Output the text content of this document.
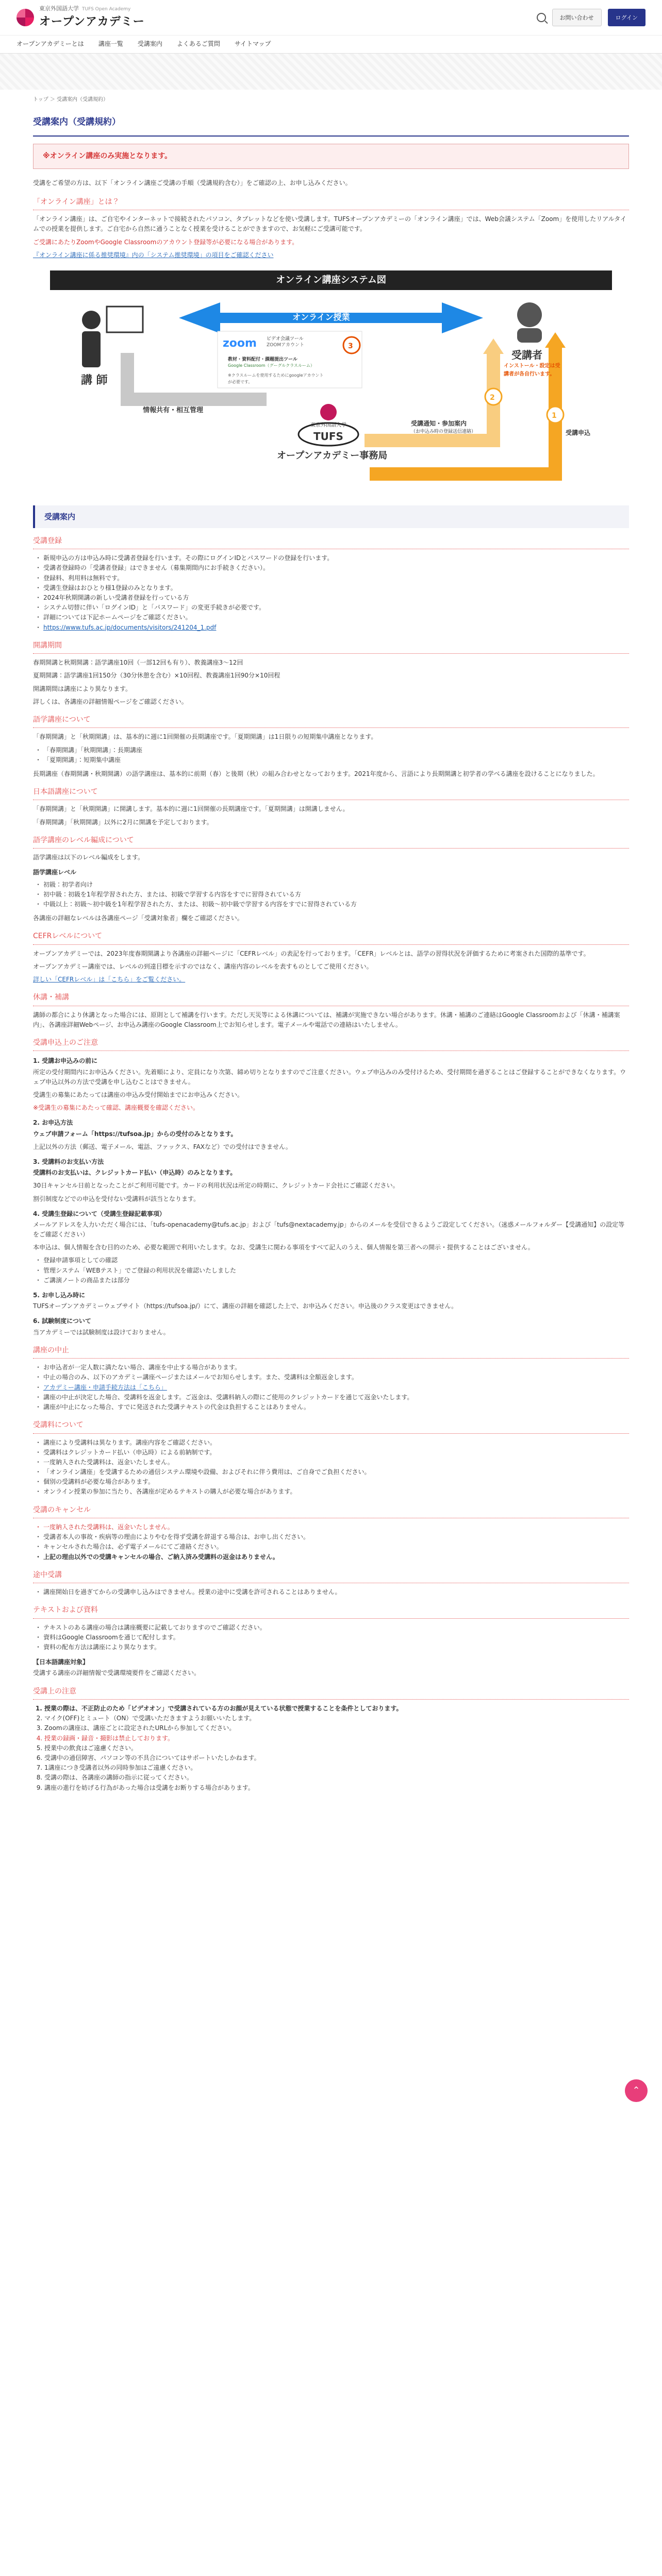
東京外国語大学 TUFS Open Academy
オープンアカデミー	お問い合わせ	ログイン
オープンアカデミーとは 講座一覧 受講案内 よくあるご質問 サイトマップ
トップ ＞ 受講案内（受講規約）
受講案内（受講規約）
※オンライン講座のみ実施となります。

受講をご希望の方は、以下「オンライン講座ご受講の手順（受講規約含む）」をご確認の上、お申し込みください。

「オンライン講座」とは？

「オンライン講座」は、ご自宅やインターネットで接続されたパソコン、タブレットなどを使い受講します。TUFSオープンアカデミーの「オンライン講座」では、Web会議システム「Zoom」を使用したリアルタイムでの授業を提供します。ご自宅から自然に通うことなく授業を受けることができますので、お気軽にご受講可能です。

ご受講にあたりZoomやGoogle Classroomのアカウント登録等が必要になる場合があります。

『オンライン講座に係る推奨環境』内の「システム推奨環境」の項目をご確認ください

オンライン講座システム図
講 師
受講者
オンライン授業
zoom ビデオ会議ツール
ZOOMアカウント
教材・資料配付・課題提出ツール
Google Classroom（グーグルクラスルーム）
※クラスルームを使用するためにgoogleアカウントが必要です。
3
2
1
インストール・設定は受講者が各自行います。
情報共有・相互管理
受講通知・参加案内
（お申込み時の登録送信連絡）	受講申込
東京外国語大学
TUFS
オープンアカデミー事務局
受講案内
受講登録
・ 新規申込の方は申込み時に受講者登録を行います。その際にログインIDとパスワードの登録を行います。
・ 受講者登録時の「受講者登録」はできません（募集期間内にお手続きください）。
・ 登録料、利用料は無料です。
・ 受講生登録はおひとり様1登録のみとなります。
・ 2024年秋期開講の新しい受講者登録を行っている方
・ システム切替に伴い「ログインID」と「パスワード」の変更手続きが必要です。
・ 詳細については下記ホームページをご確認ください。
・ https://www.tufs.ac.jp/documents/visitors/241204_1.pdf
開講期間

春期開講と秋期開講：語学講座10回（一部12回も有り）、教養講座3〜12回

夏期開講：語学講座1回150分（30分休憩を含む）×10回程、教養講座1回90分×10回程

開講期間は講座により異なります。

詳しくは、各講座の詳細情報ページをご確認ください。

語学講座について

「春期開講」と「秋期開講」は、基本的に週に1回開催の長期講座です。「夏期開講」は1日限りの短期集中講座となります。

・ 「春期開講」「秋期開講」：長期講座
・ 「夏期開講」：短期集中講座

長期講座（春期開講・秋期開講）の語学講座は、基本的に前期（春）と後期（秋）の組み合わせとなっております。2021年度から、言語により長期開講と初学者の学べる講座を設けることになりました。

日本語講座について

「春期開講」と「秋期開講」に開講します。基本的に週に1回開催の長期講座です。「夏期開講」は開講しません。

「春期開講」「秋期開講」以外に2月に開講を予定しております。

語学講座のレベル編成について

語学講座は以下のレベル編成をします。

語学講座レベル
・ 初級：初学者向け
・ 初中級：初級を1年程学習された方、または、初級で学習する内容をすでに習得されている方
・ 中級以上：初級〜初中級を1年程学習された方、または、初級〜初中級で学習する内容をすでに習得されている方

各講座の詳細なレベルは各講座ページ「受講対象者」欄をご確認ください。

CEFRレベルについて

オープンアカデミーでは、2023年度春期開講より各講座の詳細ページに「CEFRレベル」の表記を行っております。「CEFR」レベルとは、語学の習得状況を評価するために考案された国際的基準です。

オープンアカデミー講座では、レベルの到達目標を示すのではなく、講座内容のレベルを表すものとしてご使用ください。

詳しい「CEFRレベル」は「こちら」をご覧ください。

休講・補講

講師の都合により休講となった場合には、原則として補講を行います。ただし天災等による休講については、補講が実施できない場合があります。休講・補講のご連絡はGoogle Classroomおよび「休講・補講案内」、各講座詳細Webページ、お申込み講座のGoogle Classroom上でお知らせします。電子メールや電話での連絡はいたしません。

受講申込上のご注意
1. 受講お申込みの前に

所定の受付期間内にお申込みください。先着順により、定員になり次第、締め切りとなりますのでご注意ください。ウェブ申込みのみ受付けるため、受付期間を過ぎることはご登録することができなくなります。ウェブ申込以外の方法で受講を申し込むことはできません。

受講生の募集にあたっては講座の申込み受付開始までにお申込みください。

※受講生の募集にあたって確認、講座概要を確認ください。

2. お申込方法

ウェブ申請フォーム「https://tufsoa.jp」からの受付のみとなります。

上記以外の方法（郵送、電子メール、電話、ファックス、FAXなど）での受付はできません。

3. 受講料のお支払い方法

受講料のお支払いは、クレジットカード払い（申込時）のみとなります。

30日キャンセル日前となったことがご利用可能です。カードの利用状況は所定の時期に、クレジットカード会社にご確認ください。

割引制度などでの申込を受付ない受講料が該当となります。

4. 受講生登録について（受講生登録記載事項）

メールアドレスを入力いただく場合には、「tufs-openacademy@tufs.ac.jp」および「tufs@nextacademy.jp」からのメールを受信できるようご設定してください。（迷惑メールフォルダー【受講通知】の設定等をご確認ください）

本申込は、個人情報を含む目的のため、必要な範囲で利用いたします。なお、受講生に関わる事項をすべて記入のうえ、個人情報を第三者への開示・提供することはございません。

・ 登録申請事項としての確認
・ 管理システム「WEBテスト」でご登録の利用状況を確認いたしました
・ ご講演ノートの商品または部分
5. お申し込み時に

TUFSオープンアカデミーウェブサイト（https://tufsoa.jp/）にて、講座の詳細を確認した上で、お申込みください。申込後のクラス変更はできません。

6. 試験制度について

当アカデミーでは試験制度は設けておりません。

講座の中止
・ お申込者が一定人数に満たない場合、講座を中止する場合があります。
・ 中止の場合のみ、以下のアカデミー講座ページまたはメールでお知らせします。また、受講料は全額返金します。
・ アカデミー講座・申請手続方法は「こちら」
・ 講座の中止が決定した場合、受講料を返金します。ご返金は、受講料納入の際にご使用のクレジットカードを通じて返金いたします。
・ 講座が中止になった場合、すでに発送された受講テキストの代金は負担することはありません。
受講料について
・ 講座により受講料は異なります。講座内容をご確認ください。
・ 受講料はクレジットカード払い（申込時）による前納制です。
・ 一度納入された受講料は、返金いたしません。
・ 「オンライン講座」を受講するための通信システム環境や設備、およびそれに伴う費用は、ご自身でご負担ください。
・ 個別の受講料が必要な場合があります。
・ オンライン授業の参加に当たり、各講座が定めるテキストの購入が必要な場合があります。
受講のキャンセル
・ 一度納入された受講料は、返金いたしません。
・ 受講者本人の事故・疾病等の理由によりやむを得ず受講を辞退する場合は、お申し出ください。
・ キャンセルされた場合は、必ず電子メールにてご連絡ください。
・ 上記の理由以外での受講キャンセルの場合、ご納入済み受講料の返金はありません。
途中受講
・ 講座開始日を過ぎてからの受講申し込みはできません。授業の途中に受講を許可されることはありません。
テキストおよび資料
・ テキストのある講座の場合は講座概要に記載しておりますのでご確認ください。
・ 資料はGoogle Classroomを通じて配付します。
・ 資料の配布方法は講座により異なります。
【日本語講座対象】

受講する講座の詳細情報で受講環境要件をご確認ください。

受講上の注意
1. 授業の際は、不正防止のため「ビデオオン」で受講されている方のお顔が見えている状態で授業することを条件としております。
2. マイク(OFF)とミュート（ON）で受講いただきますようお願いいたします。
3. Zoomの講座は、講座ごとに設定されたURLから参加してください。
4. 授業の録画・録音・撮影は禁止しております。
5. 授業中の飲食はご遠慮ください。
6. 受講中の通信障害、パソコン等の不具合についてはサポートいたしかねます。
7. 1講座につき受講者以外の同時参加はご遠慮ください。
8. 受講の際は、各講座の講師の指示に従ってください。
9. 講座の進行を妨げる行為があった場合は受講をお断りする場合があります。
⌃
